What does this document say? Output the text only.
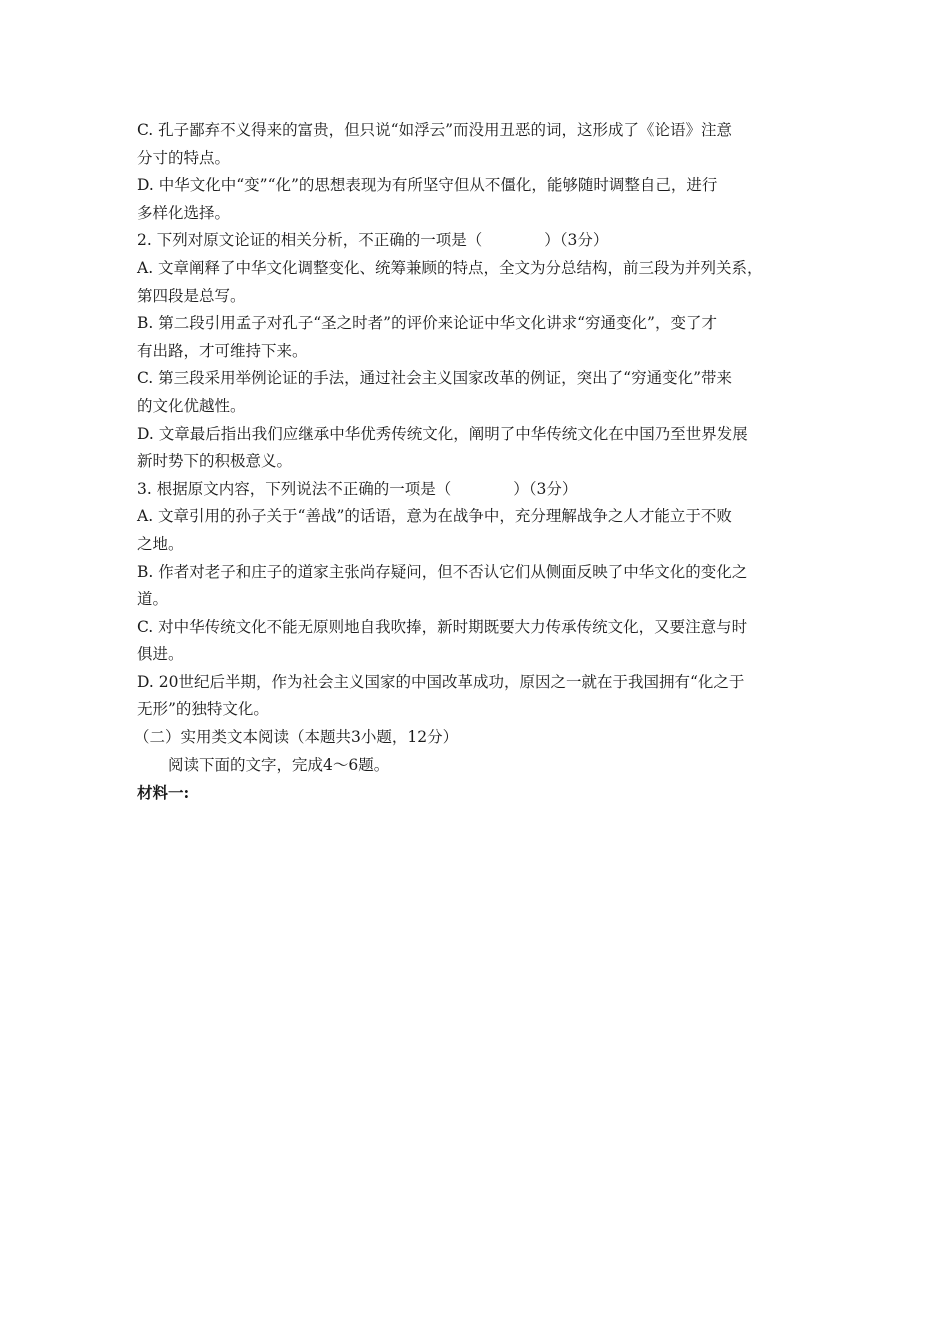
C. 孔子鄙弃不义得来的富贵，但只说“如浮云”而没用丑恶的词，这形成了《论语》注意
分寸的特点。
D. 中华文化中“变”“化”的思想表现为有所坚守但从不僵化，能够随时调整自己，进行
多样化选择。
2. 下列对原文论证的相关分析，不正确的一项是（　　　　）（3分）
A. 文章阐释了中华文化调整变化、统筹兼顾的特点，全文为分总结构，前三段为并列关系，
第四段是总写。
B. 第二段引用孟子对孔子“圣之时者”的评价来论证中华文化讲求“穷通变化”，变了才
有出路，才可维持下来。
C. 第三段采用举例论证的手法，通过社会主义国家改革的例证，突出了“穷通变化”带来
的文化优越性。
D. 文章最后指出我们应继承中华优秀传统文化，阐明了中华传统文化在中国乃至世界发展
新时势下的积极意义。
3. 根据原文内容，下列说法不正确的一项是（　　　　）（3分）
A. 文章引用的孙子关于“善战”的话语，意为在战争中，充分理解战争之人才能立于不败
之地。
B. 作者对老子和庄子的道家主张尚存疑问，但不否认它们从侧面反映了中华文化的变化之
道。
C. 对中华传统文化不能无原则地自我吹捧，新时期既要大力传承传统文化，又要注意与时
俱进。
D. 20世纪后半期，作为社会主义国家的中国改革成功，原因之一就在于我国拥有“化之于
无形”的独特文化。
（二）实用类文本阅读（本题共3小题，12分）
阅读下面的文字，完成4～6题。
材料一:
